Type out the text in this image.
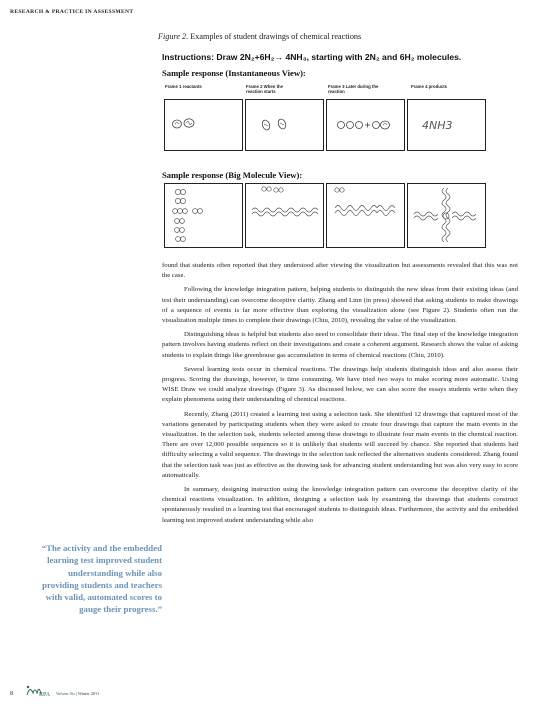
RESEARCH & PRACTICE IN ASSESSMENT
Figure 2. Examples of student drawings of chemical reactions
Instructions: Draw 2N₂+6H₂→ 4NH₃, starting with 2N₂ and 6H₂ molecules.
Sample response (Instantaneous View):
Frame 1 reactants	Frame 2 When the reaction starts
Frame 3 Later during the reaction
Frame 4 products
4NH3
Sample response (Big Molecule View):

found that students often reported that they understood after viewing the visualization but assessments revealed that this was not the case.

Following the knowledge integration pattern, helping students to distinguish the new ideas from their existing ideas (and test their understanding) can overcome deceptive clarity. Zhang and Linn (in press) showed that asking students to make drawings of a sequence of events is far more effective than exploring the visualization alone (see Figure 2). Students often run the visualization multiple times to complete their drawings (Chiu, 2010), revealing the value of the visualization.

Distinguishing ideas is helpful but students also need to consolidate their ideas. The final step of the knowledge integration pattern involves having students reflect on their investigations and create a coherent argument. Research shows the value of asking students to explain things like greenhouse gas accumulation in terms of chemical reactions (Chiu, 2010).

Several learning tests occur in chemical reactions. The drawings help students distinguish ideas and also assess their progress. Scoring the drawings, however, is time consuming. We have tried two ways to make scoring more automatic. Using WISE Draw we could analyze drawings (Figure 3). As discussed below, we can also score the essays students write when they explain phenomena using their understanding of chemical reactions.

Recently, Zhang (2011) created a learning test using a selection task. She identified 12 drawings that captured most of the variations generated by participating students when they were asked to create four drawings that capture the main events in the visualization. In the selection task, students selected among these drawings to illustrate four main events in the chemical reaction. There are over 12,000 possible sequences so it is unlikely that students will succeed by chance. She reported that students had difficulty selecting a valid sequence. The drawings in the selection task reflected the alternatives students considered. Zhang found that the selection task was just as effective as the drawing task for advancing student understanding but was also very easy to score automatically.

In summary, designing instruction using the knowledge integration pattern can overcome the deceptive clarity of the chemical reactions visualization. In addition, designing a selection task by examining the drawings that students construct spontaneously resulted in a learning test that encouraged students to distinguish ideas. Furthermore, the activity and the embedded learning test improved student understanding while also

“The activity and the embedded learning test improved student understanding while also providing students and teachers with valid, automated scores to gauge their progress.”
8	RPA Volume Six | Winter 2011
